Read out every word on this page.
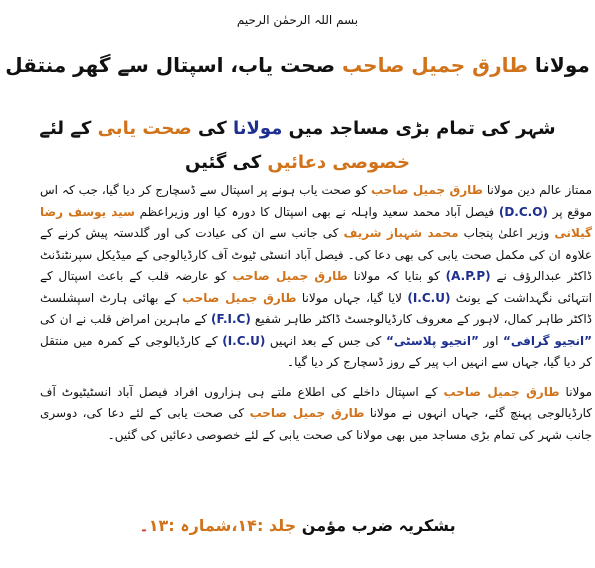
بسم اللہ الرحمٰن الرحیم
مولانا طارق جمیل صاحب صحت یاب، اسپتال سے گھر منتقل
شہر کی تمام بڑی مساجد میں مولانا کی صحت یابی کے لئے خصوصی دعائیں کی گئیں

ممتاز عالم دین مولانا طارق جمیل صاحب کو صحت یاب ہونے پر اسپتال سے ڈسچارج کر دیا گیا، جب کہ اس موقع پر (D.C.O) فیصل آباد محمد سعید واہلہ نے بھی اسپتال کا دورہ کیا اور وزیراعظم سید یوسف رضا گیلانی وزیر اعلیٰ پنجاب محمد شہباز شریف کی جانب سے ان کی عیادت کی اور گلدستہ پیش کرنے کے علاوہ ان کی مکمل صحت یابی کی بھی دعا کی۔ فیصل آباد انسٹی ٹیوٹ آف کارڈیالوجی کے میڈیکل سپرنٹنڈنٹ ڈاکٹر عبدالرؤف نے (A.P.P) کو بتایا کہ مولانا طارق جمیل صاحب کو عارضہ قلب کے باعث اسپتال کے انتہائی نگہداشت کے یونٹ (I.C.U) لایا گیا، جہاں مولانا طارق جمیل صاحب کے بھائی ہارٹ اسپشلسٹ ڈاکٹر طاہر کمال، لاہور کے معروف کارڈیالوجسٹ ڈاکٹر طاہر شفیع (F.I.C) کے ماہرین امراض قلب نے ان کی ”انجیو گرافی“ اور ”انجیو پلاسٹی“ کی جس کے بعد انہیں (I.C.U) کے کارڈیالوجی کے کمرہ میں منتقل کر دیا گیا، جہاں سے انہیں اب پیر کے روز ڈسچارج کر دیا گیا۔

مولانا طارق جمیل صاحب کے اسپتال داخلے کی اطلاع ملتے ہی ہزاروں افراد فیصل آباد انسٹیٹیوٹ آف کارڈیالوجی پہنچ گئے، جہاں انہوں نے مولانا طارق جمیل صاحب کی صحت یابی کے لئے دعا کی، دوسری جانب شہر کی تمام بڑی مساجد میں بھی مولانا کی صحت یابی کے لئے خصوصی دعائیں کی گئیں۔

بشکریہ ضرب مؤمن جلد :۱۴،شمارہ :۱۳۔
